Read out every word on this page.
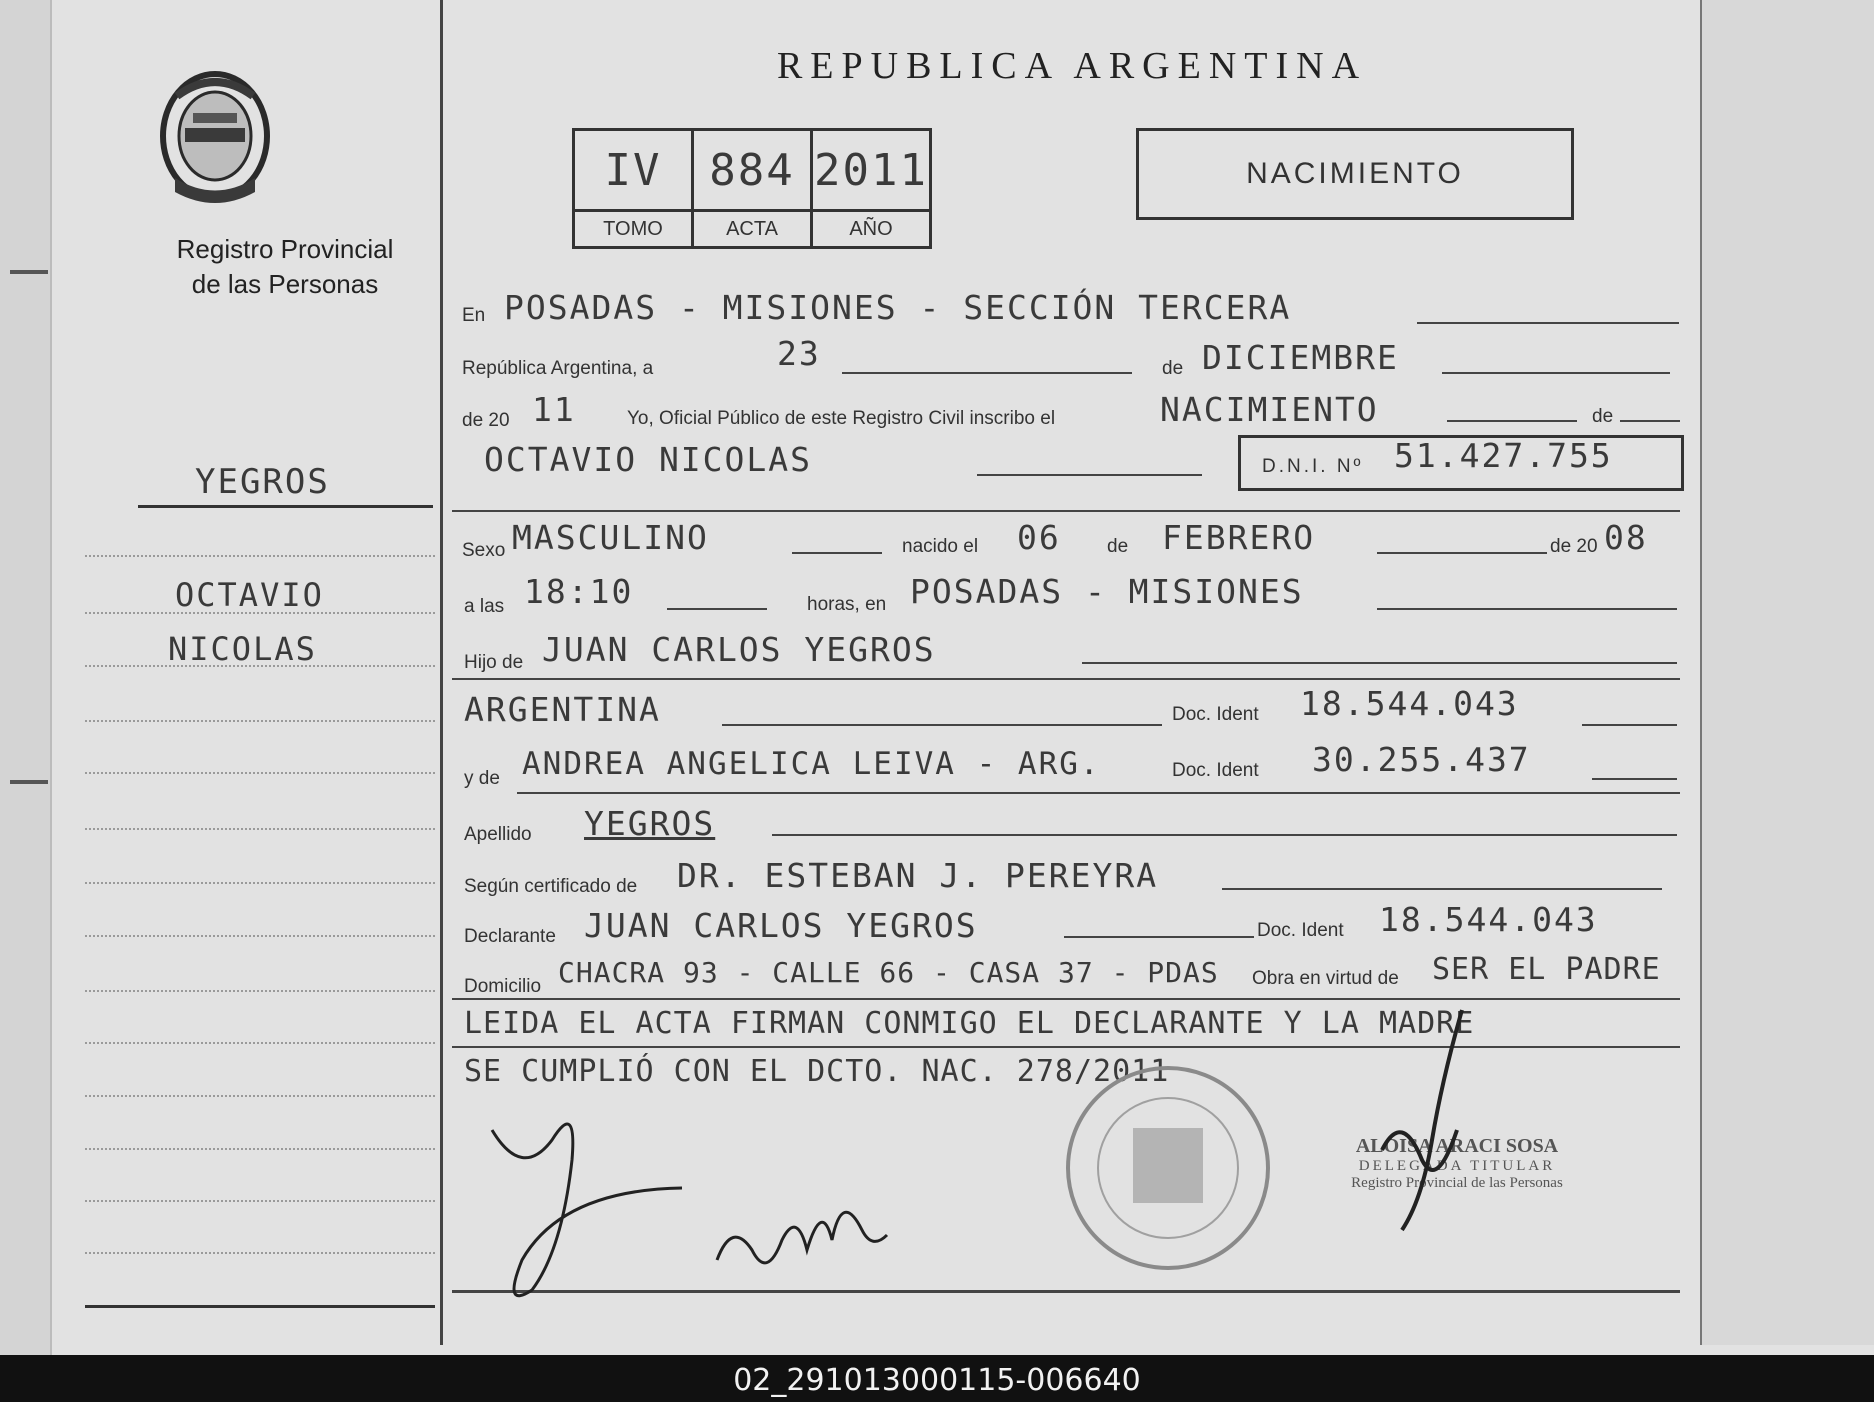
Registro Provincial
de las Personas
YEGROS
OCTAVIO
NICOLAS
REPUBLICA ARGENTINA
IV	884	2011
TOMO	ACTA	AÑO
NACIMIENTO
En POSADAS - MISIONES - SECCIÓN TERCERA
República Argentina, a	23	de DICIEMBRE
de 20 11	Yo, Oficial Público de este Registro Civil inscribo el	NACIMIENTO	de
OCTAVIO NICOLAS	D.N.I. Nº 51.427.755
Sexo MASCULINO	nacido el 06 de FEBRERO	de 20 08
a las 18:10	horas, en POSADAS - MISIONES
Hijo de JUAN CARLOS YEGROS
ARGENTINA	Doc. Ident 18.544.043
y de ANDREA ANGELICA LEIVA - ARG.	Doc. Ident 30.255.437
Apellido YEGROS
Según certificado de DR. ESTEBAN J. PEREYRA
Declarante JUAN CARLOS YEGROS	Doc. Ident 18.544.043
Domicilio CHACRA 93 - CALLE 66 - CASA 37 - PDAS Obra en virtud de SER EL PADRE
LEIDA EL ACTA FIRMAN CONMIGO EL DECLARANTE Y LA MADRE
SE CUMPLIÓ CON EL DCTO. NAC. 278/2011
ALOISA ARACI SOSA
DELEGADA TITULAR
Registro Provincial de las Personas
02_291013000115-006640
